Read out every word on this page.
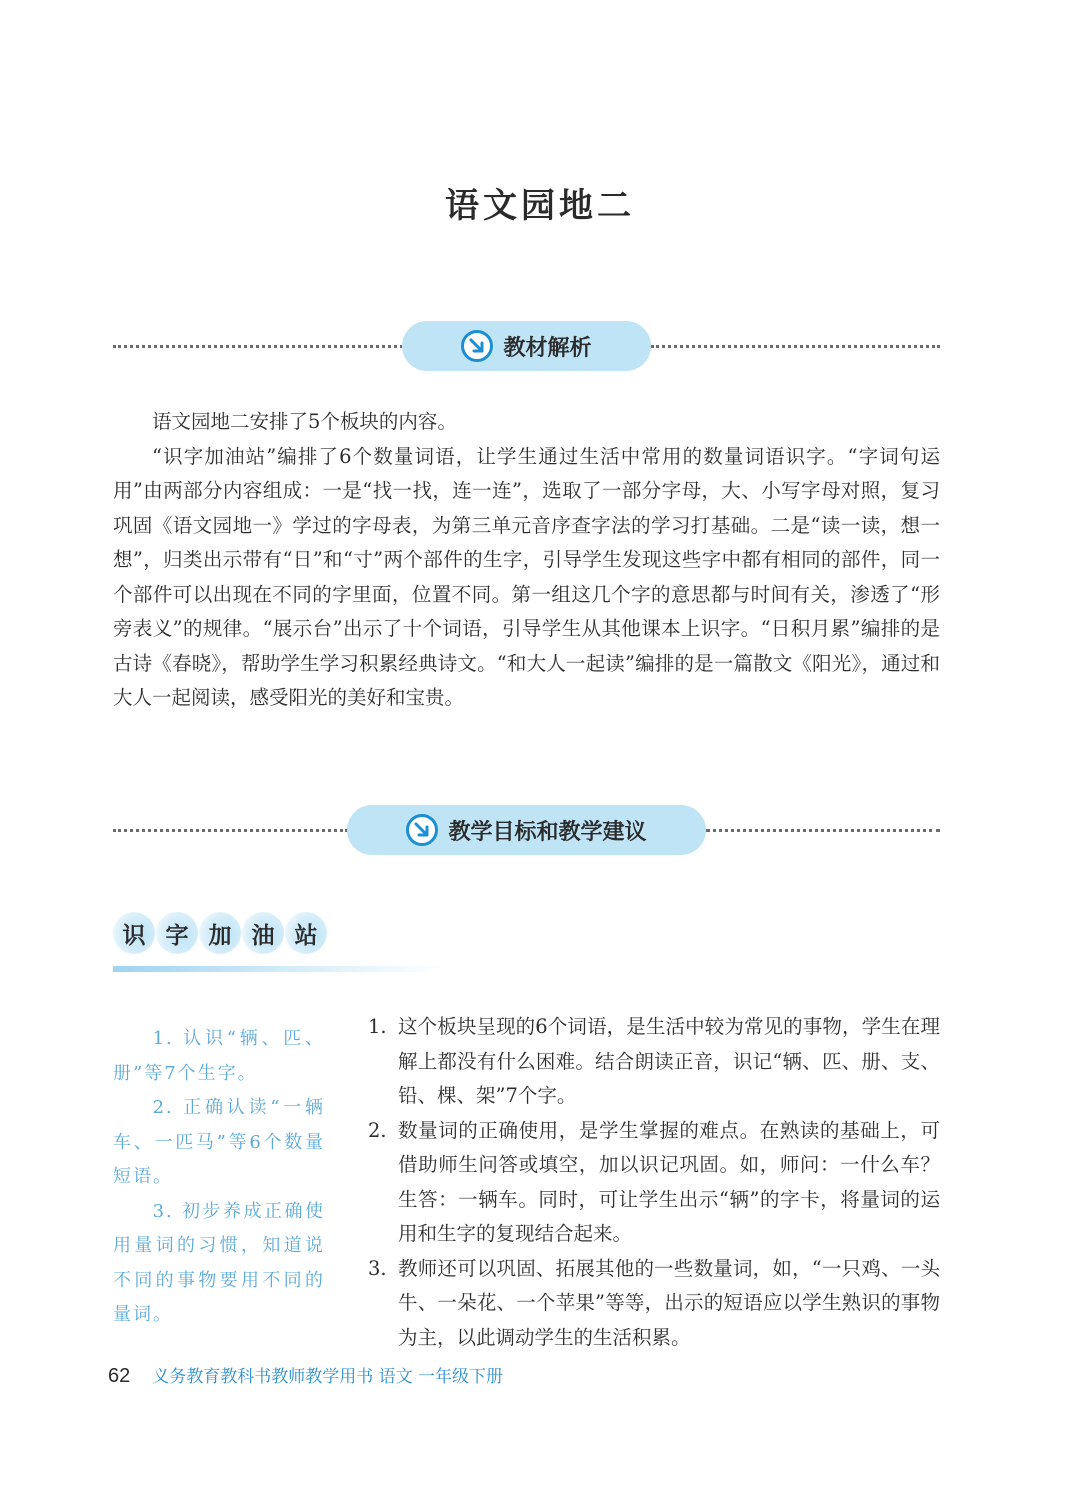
语文园地二
教材解析

语文园地二安排了5个板块的内容。

“识字加油站”编排了6个数量词语，让学生通过生活中常用的数量词语识字。“字词句运用”由两部分内容组成：一是“找一找，连一连”，选取了一部分字母，大、小写字母对照，复习巩固《语文园地一》学过的字母表，为第三单元音序查字法的学习打基础。二是“读一读，想一想”，归类出示带有“日”和“寸”两个部件的生字，引导学生发现这些字中都有相同的部件，同一个部件可以出现在不同的字里面，位置不同。第一组这几个字的意思都与时间有关，渗透了“形旁表义”的规律。“展示台”出示了十个词语，引导学生从其他课本上识字。“日积月累”编排的是古诗《春晓》，帮助学生学习积累经典诗文。“和大人一起读”编排的是一篇散文《阳光》，通过和大人一起阅读，感受阳光的美好和宝贵。

教学目标和教学建议
识 字 加 油 站

1. 认识“辆、匹、册”等7个生字。

2. 正确认读“一辆车、一匹马”等6个数量短语。

3. 初步养成正确使用量词的习惯，知道说不同的事物要用不同的量词。

1. 这个板块呈现的6个词语，是生活中较为常见的事物，学生在理解上都没有什么困难。结合朗读正音，识记“辆、匹、册、支、铅、棵、架”7个字。
2. 数量词的正确使用，是学生掌握的难点。在熟读的基础上，可借助师生问答或填空，加以识记巩固。如，师问：一什么车？生答：一辆车。同时，可让学生出示“辆”的字卡，将量词的运用和生字的复现结合起来。
3. 教师还可以巩固、拓展其他的一些数量词，如，“一只鸡、一头牛、一朵花、一个苹果”等等，出示的短语应以学生熟识的事物为主，以此调动学生的生活积累。
62 义务教育教科书教师教学用书 语文 一年级下册
